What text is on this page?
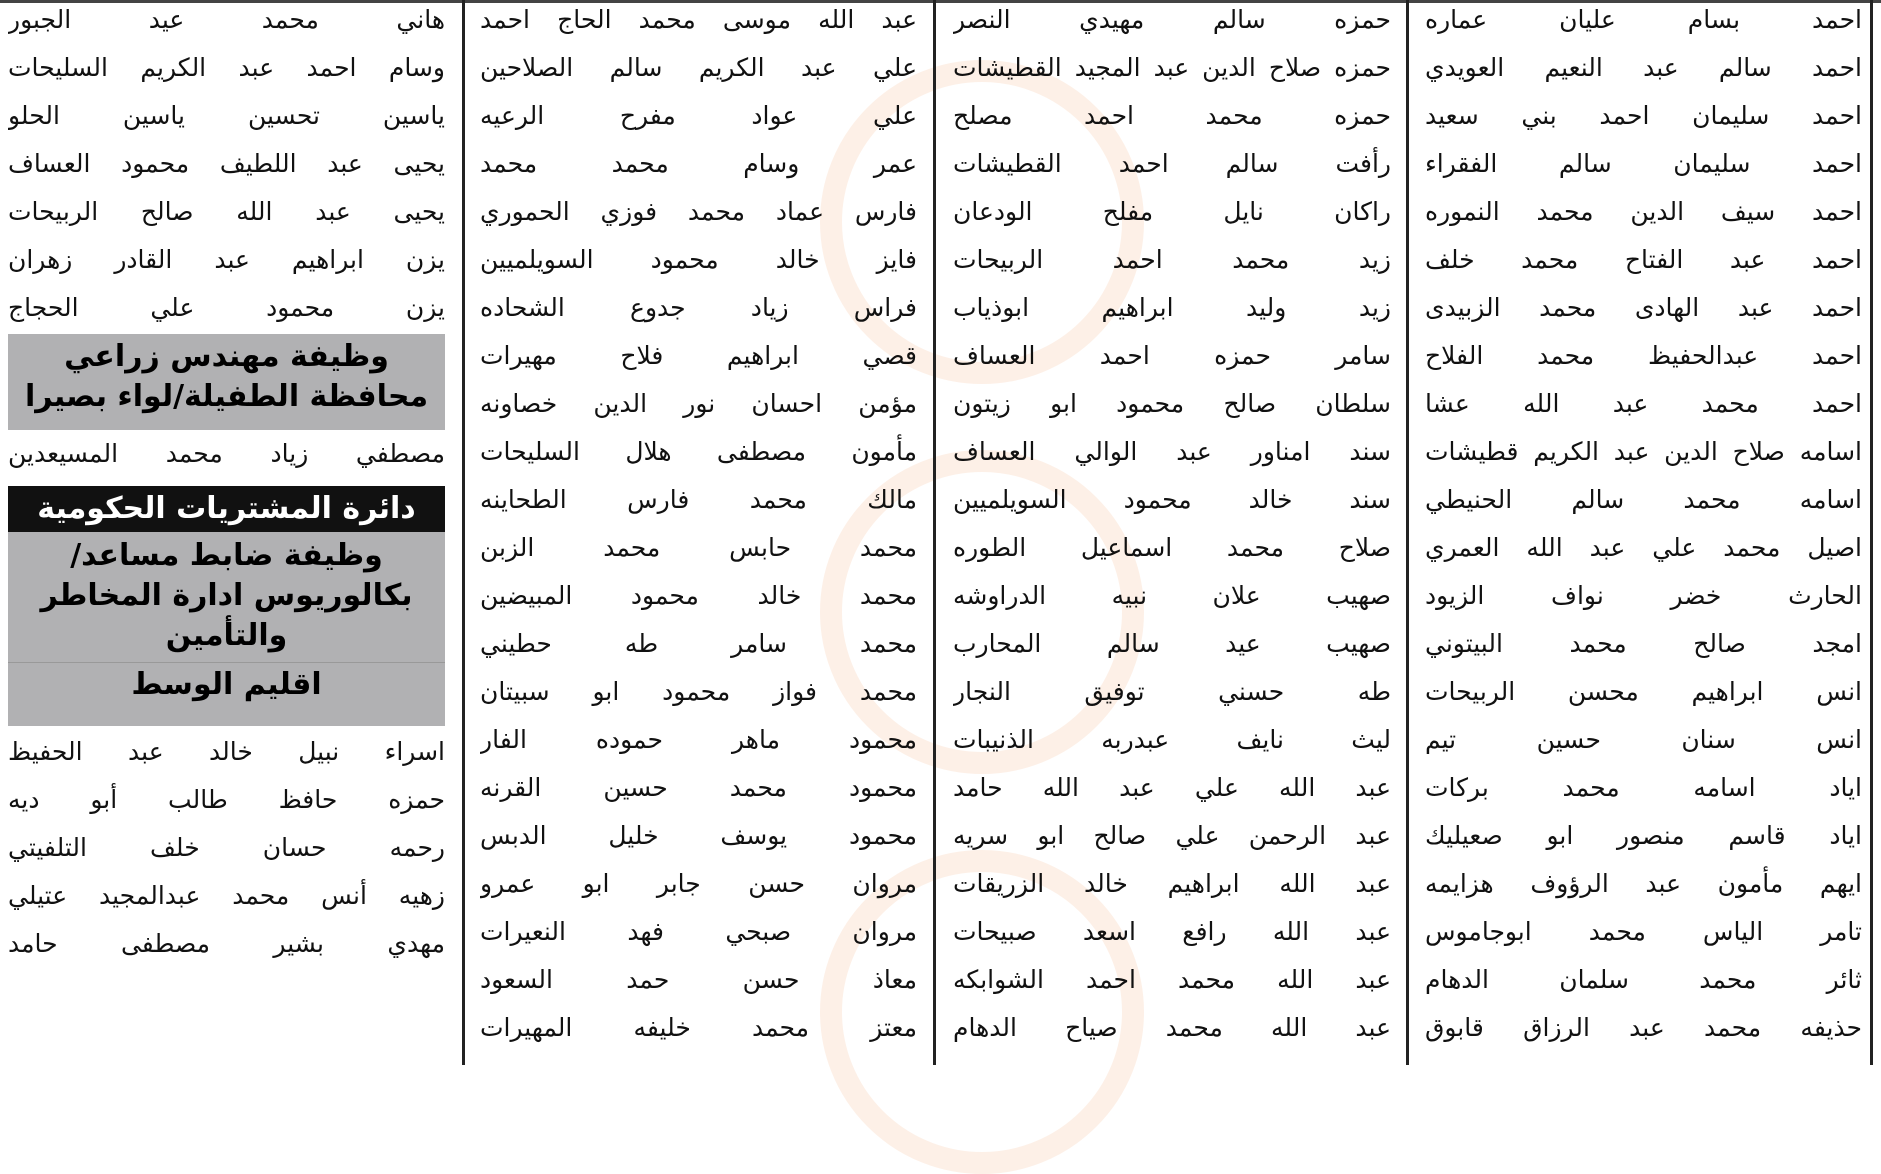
احمد بسام عليان عماره
احمد سالم عبد النعيم العويدي
احمد سليمان احمد بني سعيد
احمد سليمان سالم الفقراء
احمد سيف الدين محمد النموره
احمد عبد الفتاح محمد خلف
احمد عبد الهادى محمد الزبيدى
احمد عبدالحفيظ محمد الفلاح
احمد محمد عبد الله عشا
اسامه صلاح الدين عبد الكريم قطيشات
اسامه محمد سالم الحنيطي
اصيل محمد علي عبد الله العمري
الحارث خضر نواف الزيود
امجد صالح محمد البيتوني
انس ابراهيم محسن الربيحات
انس سنان حسين تيم
اياد اسامه محمد بركات
اياد قاسم منصور ابو صعيليك
ايهم مأمون عبد الرؤوف هزايمه
تامر الياس محمد ابوجاموس
ثائر محمد سلمان الدهام
حذيفه محمد عبد الرزاق قابوق
حمزه سالم مهيدي النصر
حمزه صلاح الدين عبد المجيد القطيشات
حمزه محمد احمد مصلح
رأفت سالم احمد القطيشات
راكان نايل مفلح الودعان
زيد محمد احمد الربيحات
زيد وليد ابراهيم ابوذياب
سامر حمزه احمد العساف
سلطان صالح محمود ابو زيتون
سند امناور عبد الوالي العساف
سند خالد محمود السويلميين
صلاح محمد اسماعيل الطوره
صهيب علان نبيه الدراوشه
صهيب عيد سالم المحارب
طه حسني توفيق النجار
ليث نايف عبدربه الذنيبات
عبد الله علي عبد الله حامد
عبد الرحمن علي صالح ابو سريه
عبد الله ابراهيم خالد الزريقات
عبد الله رافع اسعد صبيحات
عبد الله محمد احمد الشوابكه
عبد الله محمد صياح الدهام
عبد الله موسى محمد الحاج احمد
علي عبد الكريم سالم الصلاحين
علي عواد مفرح الرعيه
عمر وسام محمد محمد
فارس عماد محمد فوزي الحموري
فايز خالد محمود السويلميين
فراس زياد جدوع الشحاده
قصي ابراهيم فلاح مهيرات
مؤمن احسان نور الدين خصاونه
مأمون مصطفى هلال السليحات
مالك محمد فارس الطحاينه
محمد حابس محمد الزبن
محمد خالد محمود المبيضين
محمد سامر طه حطيني
محمد فواز محمود ابو سبيتان
محمود ماهر حموده الفار
محمود محمد حسين القرنه
محمود يوسف خليل الدبس
مروان حسن جابر ابو عمرو
مروان صبحي فهد النعيرات
معاذ حسن حمد السعود
معتز محمد خليفه المهيرات
هاني محمد عيد الجبور
وسام احمد عبد الكريم السليحات
ياسين تحسين ياسين الحلو
يحيى عبد اللطيف محمود العساف
يحيى عبد الله صالح الربيحات
يزن ابراهيم عبد القادر زهران
يزن محمود علي الحجاج
وظيفة مهندس زراعي
محافظة الطفيلة/لواء بصيرا
مصطفي زياد محمد المسيعدين
دائرة المشتريات الحكومية
وظيفة ضابط مساعد/
بكالوريوس ادارة المخاطر
والتأمين
اقليم الوسط
اسراء نبيل خالد عبد الحفيظ
حمزه حافظ طالب أبو ديه
رحمه حسان خلف التلفيتي
زهيه أنس محمد عبدالمجيد عتيلي
مهدي بشير مصطفى حامد
